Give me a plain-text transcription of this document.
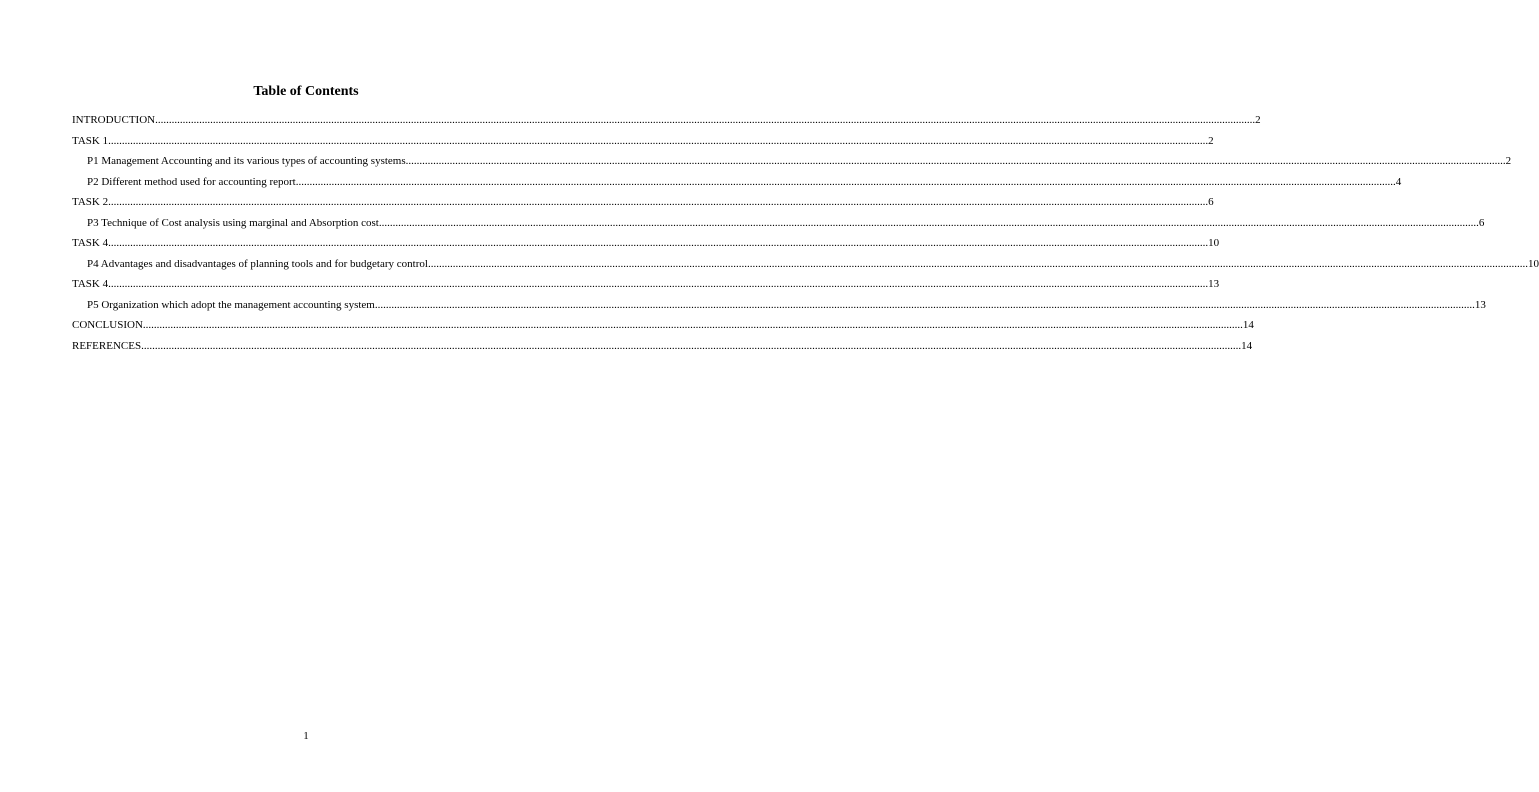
Table of Contents
INTRODUCTION ................................................................................................................................................................................................................................................................................................................................................................................................................ 2
TASK 1 ................................................................................................................................................................................................................................................................................................................................................................................................................ 2
P1 Management Accounting and its various types of accounting systems ................................................................................................................................................................................................................................................................................................................................................................................................................ 2
P2 Different method used for accounting report ................................................................................................................................................................................................................................................................................................................................................................................................................ 4
TASK 2 ................................................................................................................................................................................................................................................................................................................................................................................................................ 6
P3 Technique of Cost analysis using marginal and Absorption cost ................................................................................................................................................................................................................................................................................................................................................................................................................ 6
TASK 4 ................................................................................................................................................................................................................................................................................................................................................................................................................ 10
P4 Advantages and disadvantages of planning tools and for budgetary control ................................................................................................................................................................................................................................................................................................................................................................................................................ 10
TASK 4 ................................................................................................................................................................................................................................................................................................................................................................................................................ 13
P5 Organization which adopt the management accounting system ................................................................................................................................................................................................................................................................................................................................................................................................................ 13
CONCLUSION ................................................................................................................................................................................................................................................................................................................................................................................................................ 14
REFERENCES ................................................................................................................................................................................................................................................................................................................................................................................................................ 14
1
